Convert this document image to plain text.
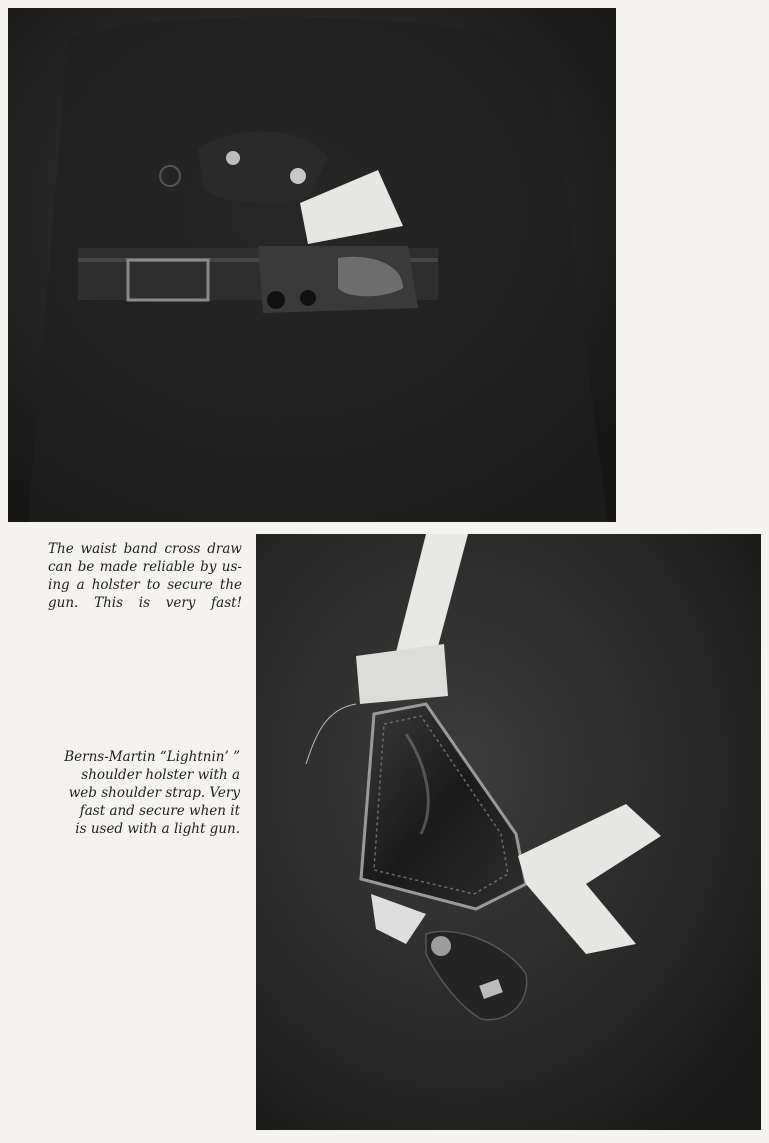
The waist band cross draw
can be made reliable by us-
ing a holster to secure the
gun. This is very fast!
Berns-Martin “Lightnin’ ”
shoulder holster with a
web shoulder strap. Very
fast and secure when it
is used with a light gun.
